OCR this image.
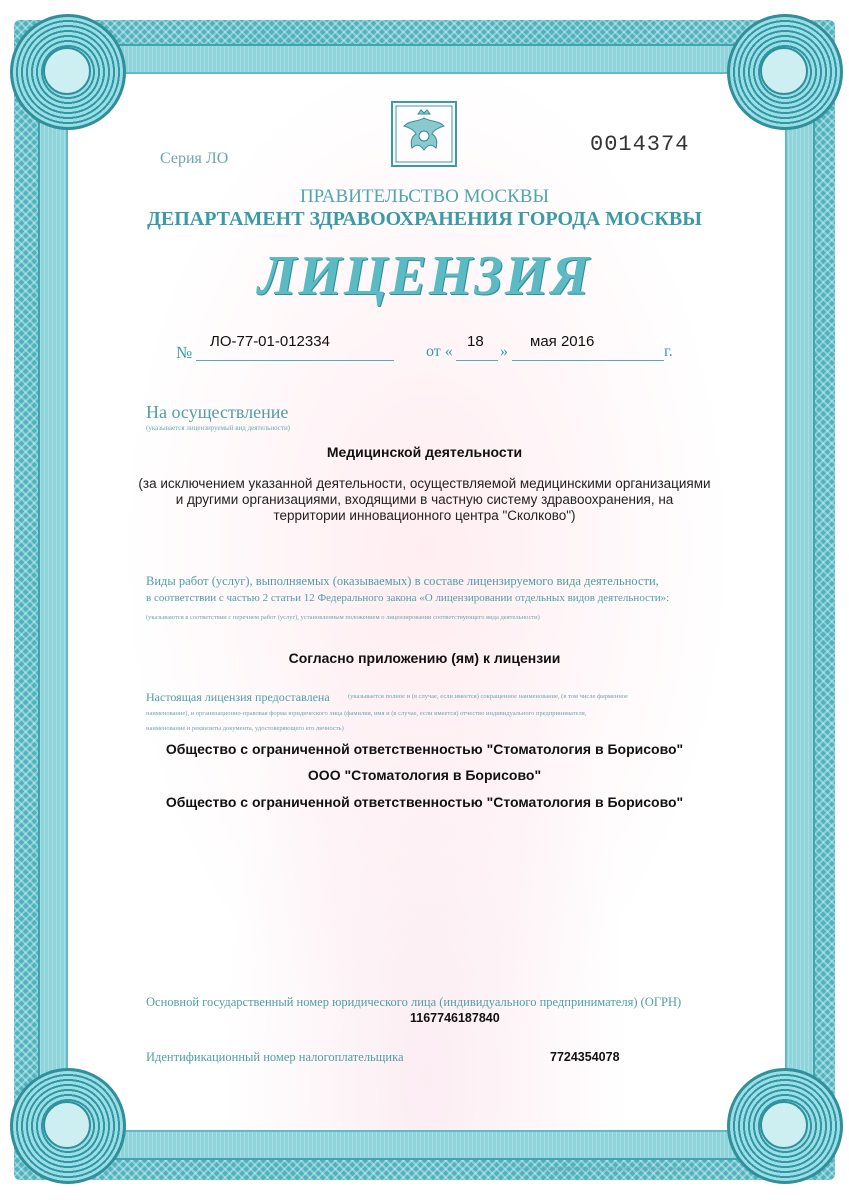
Серия ЛО
0014374
ПРАВИТЕЛЬСТВО МОСКВЫ
ДЕПАРТАМЕНТ ЗДРАВООХРАНЕНИЯ ГОРОДА МОСКВЫ
ЛИЦЕНЗИЯ
№
ЛО-77-01-012334
от «
18
»
мая 2016
г.
На осуществление
(указывается лицензируемый вид деятельности)
Медицинской деятельности
(за исключением указанной деятельности, осуществляемой медицинскими организациями
и другими организациями, входящими в частную систему здравоохранения, на
территории инновационного центра "Сколково")
Виды работ (услуг), выполняемых (оказываемых) в составе лицензируемого вида деятельности,
в соответствии с частью 2 статьи 12 Федерального закона «О лицензировании отдельных видов деятельности»:
(указываются в соответствии с перечнем работ (услуг), установленным положением о лицензировании соответствующего вида деятельности)
Согласно приложению (ям) к лицензии
Настоящая лицензия предоставлена	(указывается полное и (в случае, если имеется) сокращенное наименование, (в том числе фирменное
наименование), и организационно-правовая форма юридического лица (фамилия, имя и (в случае, если имеется) отчество индивидуального предпринимателя,
наименование и реквизиты документа, удостоверяющего его личность)
Общество с ограниченной ответственностью "Стоматология в Борисово"
ООО "Стоматология в Борисово"
Общество с ограниченной ответственностью "Стоматология в Борисово"
Основной государственный номер юридического лица (индивидуального предпринимателя) (ОГРН)
1167746187840
Идентификационный номер налогоплательщика	7724354078
© ЗАО «Полиграфкомплект», Москва, 2012, уровень «Б», зак. 131-12
